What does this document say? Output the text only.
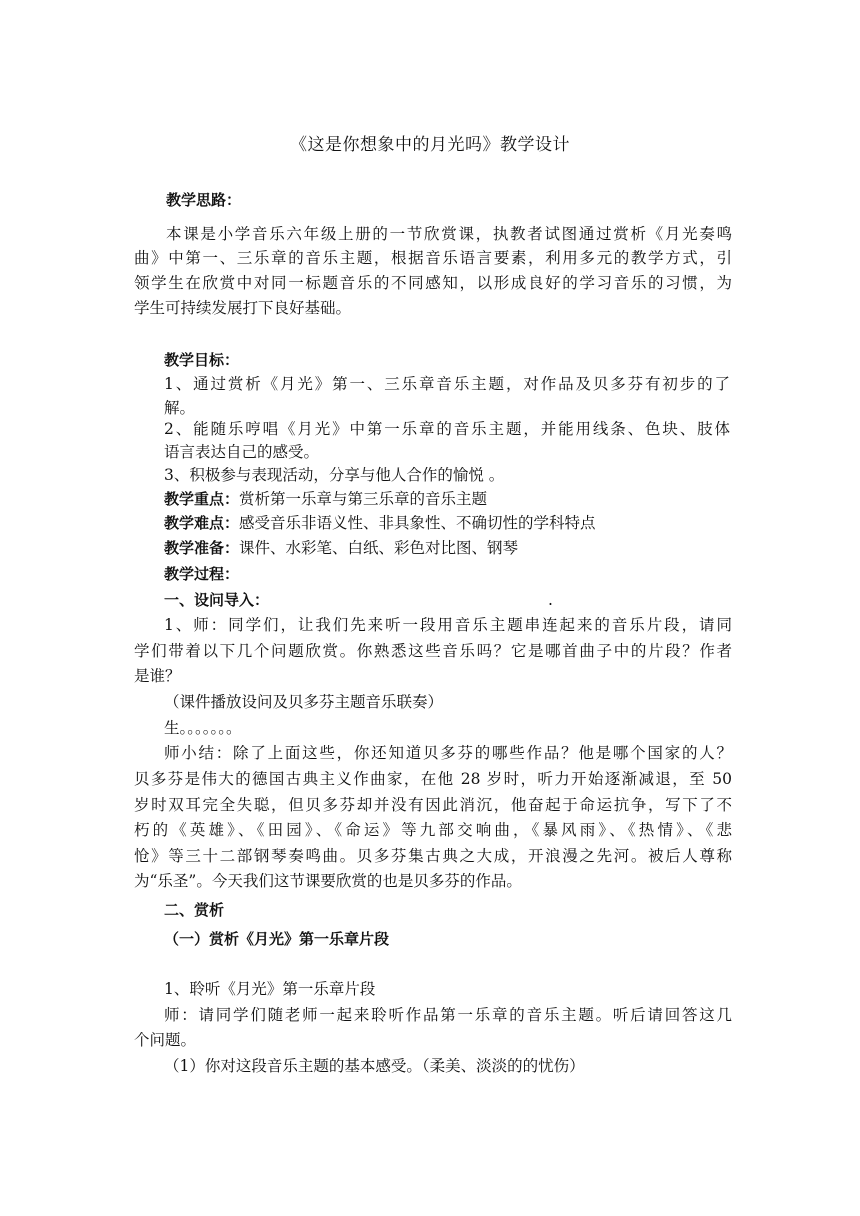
《这是你想象中的月光吗》教学设计
教学思路：
本课是小学音乐六年级上册的一节欣赏课，执教者试图通过赏析《月光奏鸣
曲》中第一、三乐章的音乐主题，根据音乐语言要素，利用多元的教学方式，引
领学生在欣赏中对同一标题音乐的不同感知，以形成良好的学习音乐的习惯，为
学生可持续发展打下良好基础。
教学目标：
1、通过赏析《月光》第一、三乐章音乐主题，对作品及贝多芬有初步的了
解。
2、能随乐哼唱《月光》中第一乐章的音乐主题，并能用线条、色块、肢体
语言表达自己的感受。
3、积极参与表现活动，分享与他人合作的愉悦 。
教学重点：赏析第一乐章与第三乐章的音乐主题
教学难点：感受音乐非语义性、非具象性、不确切性的学科特点
教学准备：课件、水彩笔、白纸、彩色对比图、钢琴
教学过程：
一、设问导入：	.
1、师：同学们，让我们先来听一段用音乐主题串连起来的音乐片段，请同
学们带着以下几个问题欣赏。你熟悉这些音乐吗？它是哪首曲子中的片段？作者
是谁？
（课件播放设问及贝多芬主题音乐联奏）
生。。。。。。。
师小结：除了上面这些，你还知道贝多芬的哪些作品？他是哪个国家的人？
贝多芬是伟大的德国古典主义作曲家，在他 28 岁时，听力开始逐渐减退，至 50
岁时双耳完全失聪，但贝多芬却并没有因此消沉，他奋起于命运抗争，写下了不
朽的《英雄》、《田园》、《命运》等九部交响曲，《暴风雨》、《热情》、《悲
怆》等三十二部钢琴奏鸣曲。贝多芬集古典之大成，开浪漫之先河。被后人尊称
为“乐圣”。今天我们这节课要欣赏的也是贝多芬的作品。
二、赏析
（一）赏析《月光》第一乐章片段
1、聆听《月光》第一乐章片段
师：请同学们随老师一起来聆听作品第一乐章的音乐主题。听后请回答这几
个问题。
（1）你对这段音乐主题的基本感受。（柔美、淡淡的的忧伤）
